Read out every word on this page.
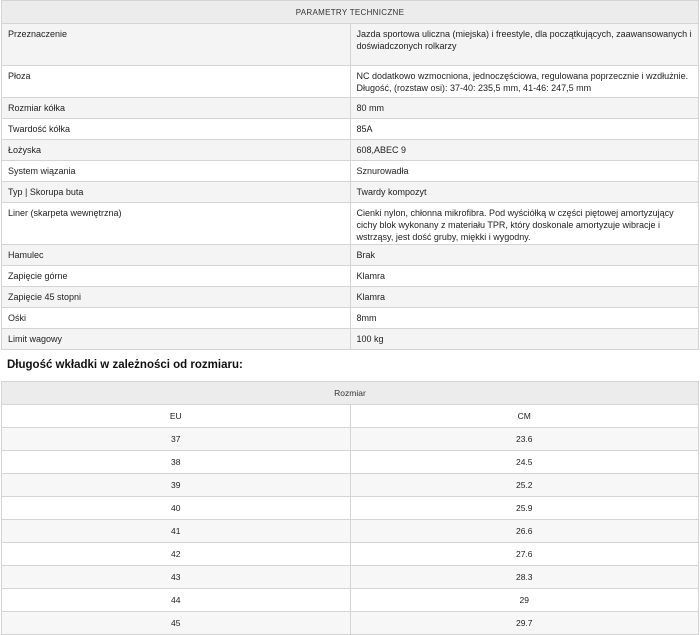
PARAMETRY TECHNICZNE	
Przeznaczenie	Jazda sportowa uliczna (miejska) i freestyle, dla początkujących, zaawansowanych i doświadczonych rolkarzy
Płoza	NC dodatkowo wzmocniona, jednoczęściowa, regulowana poprzecznie i wzdłużnie. Długość, (rozstaw osi): 37-40: 235,5 mm, 41-46: 247,5 mm
Rozmiar kółka	80 mm
Twardość kółka	85A
Łożyska	608,ABEC 9
System wiązania	Sznurowadła
Typ | Skorupa buta	Twardy kompozyt
Liner (skarpeta wewnętrzna)	Cienki nylon, chłonna mikrofibra. Pod wyściółką w części piętowej amortyzujący cichy blok wykonany z materiału TPR, który doskonale amortyzuje wibracje i wstrząsy, jest dość gruby, miękki i wygodny.
Hamulec	Brak
Zapięcie górne	Klamra
Zapięcie 45 stopni	Klamra
Ośki	8mm
Limit wagowy	100 kg
Długość wkładki w zależności od rozmiaru:
Rozmiar	
EU	CM
37	23.6
38	24.5
39	25.2
40	25.9
41	26.6
42	27.6
43	28.3
44	29
45	29.7
